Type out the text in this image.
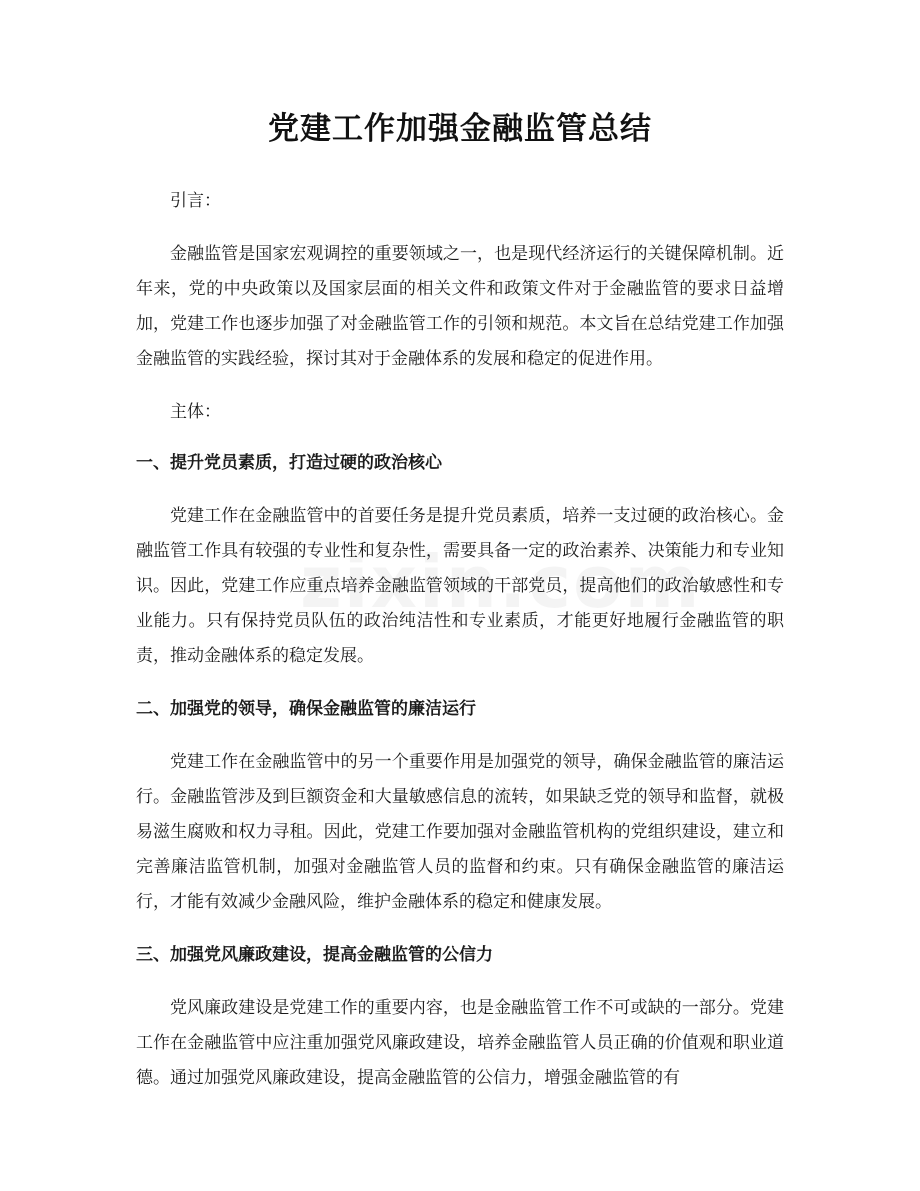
党建工作加强金融监管总结

引言：

金融监管是国家宏观调控的重要领域之一，也是现代经济运行的关键保障机制。近年来，党的中央政策以及国家层面的相关文件和政策文件对于金融监管的要求日益增加，党建工作也逐步加强了对金融监管工作的引领和规范。本文旨在总结党建工作加强金融监管的实践经验，探讨其对于金融体系的发展和稳定的促进作用。

主体：

一、提升党员素质，打造过硬的政治核心

党建工作在金融监管中的首要任务是提升党员素质，培养一支过硬的政治核心。金融监管工作具有较强的专业性和复杂性，需要具备一定的政治素养、决策能力和专业知识。因此，党建工作应重点培养金融监管领域的干部党员，提高他们的政治敏感性和专业能力。只有保持党员队伍的政治纯洁性和专业素质，才能更好地履行金融监管的职责，推动金融体系的稳定发展。

二、加强党的领导，确保金融监管的廉洁运行

党建工作在金融监管中的另一个重要作用是加强党的领导，确保金融监管的廉洁运行。金融监管涉及到巨额资金和大量敏感信息的流转，如果缺乏党的领导和监督，就极易滋生腐败和权力寻租。因此，党建工作要加强对金融监管机构的党组织建设，建立和完善廉洁监管机制，加强对金融监管人员的监督和约束。只有确保金融监管的廉洁运行，才能有效减少金融风险，维护金融体系的稳定和健康发展。

三、加强党风廉政建设，提高金融监管的公信力

党风廉政建设是党建工作的重要内容，也是金融监管工作不可或缺的一部分。党建工作在金融监管中应注重加强党风廉政建设，培养金融监管人员正确的价值观和职业道德。通过加强党风廉政建设，提高金融监管的公信力，增强金融监管的有
